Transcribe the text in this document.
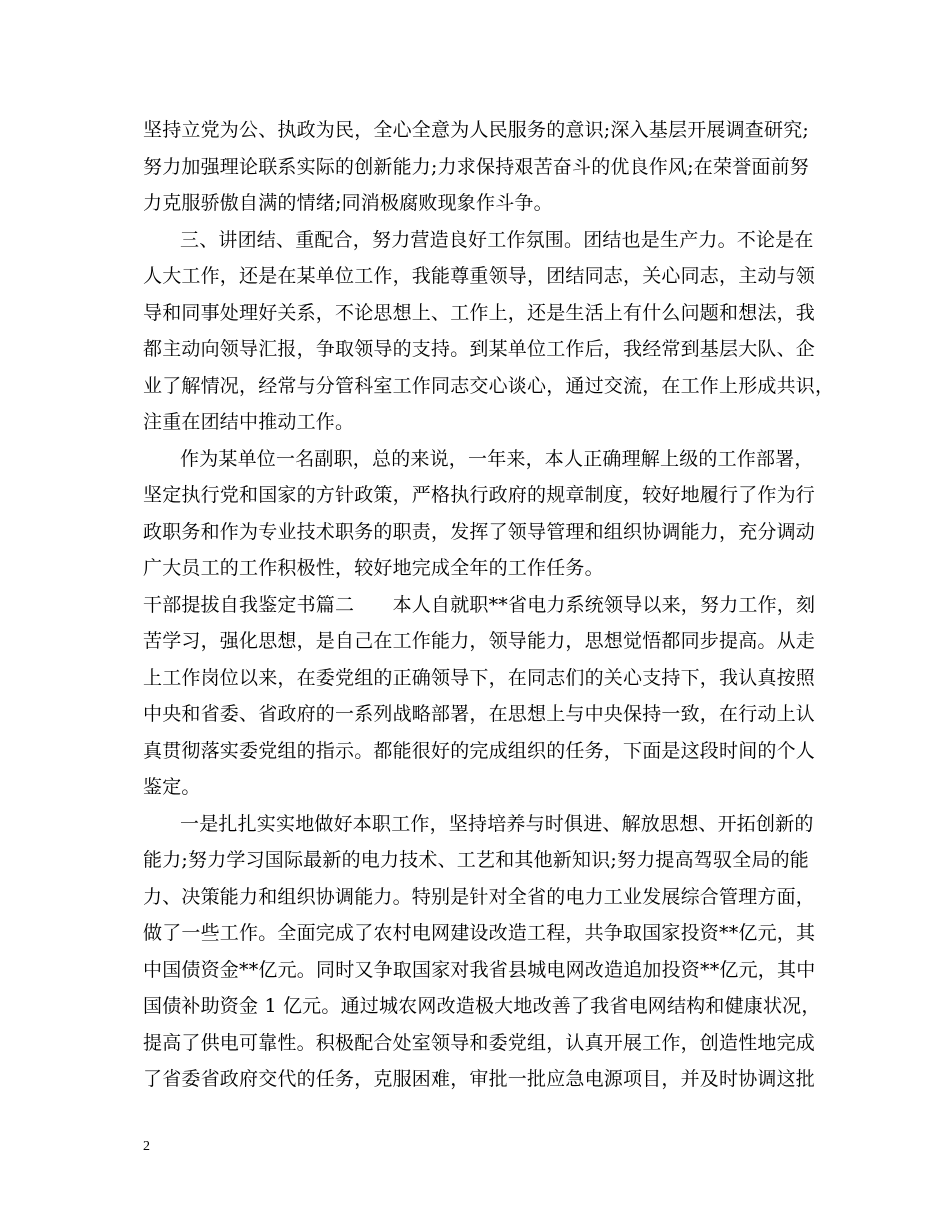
坚持立党为公、执政为民，全心全意为人民服务的意识;深入基层开展调查研究;
努力加强理论联系实际的创新能力;力求保持艰苦奋斗的优良作风;在荣誉面前努
力克服骄傲自满的情绪;同消极腐败现象作斗争。
三、讲团结、重配合，努力营造良好工作氛围。团结也是生产力。不论是在
人大工作，还是在某单位工作，我能尊重领导，团结同志，关心同志，主动与领
导和同事处理好关系，不论思想上、工作上，还是生活上有什么问题和想法，我
都主动向领导汇报，争取领导的支持。到某单位工作后，我经常到基层大队、企
业了解情况，经常与分管科室工作同志交心谈心，通过交流，在工作上形成共识，
注重在团结中推动工作。
作为某单位一名副职，总的来说，一年来，本人正确理解上级的工作部署，
坚定执行党和国家的方针政策，严格执行政府的规章制度，较好地履行了作为行
政职务和作为专业技术职务的职责，发挥了领导管理和组织协调能力，充分调动
广大员工的工作积极性，较好地完成全年的工作任务。
干部提拔自我鉴定书篇二　　本人自就职**省电力系统领导以来，努力工作，刻
苦学习，强化思想，是自己在工作能力，领导能力，思想觉悟都同步提高。从走
上工作岗位以来，在委党组的正确领导下，在同志们的关心支持下，我认真按照
中央和省委、省政府的一系列战略部署，在思想上与中央保持一致，在行动上认
真贯彻落实委党组的指示。都能很好的完成组织的任务，下面是这段时间的个人
鉴定。
一是扎扎实实地做好本职工作，坚持培养与时俱进、解放思想、开拓创新的
能力;努力学习国际最新的电力技术、工艺和其他新知识;努力提高驾驭全局的能
力、决策能力和组织协调能力。特别是针对全省的电力工业发展综合管理方面，
做了一些工作。全面完成了农村电网建设改造工程，共争取国家投资**亿元，其
中国债资金**亿元。同时又争取国家对我省县城电网改造追加投资**亿元，其中
国债补助资金 1 亿元。通过城农网改造极大地改善了我省电网结构和健康状况，
提高了供电可靠性。积极配合处室领导和委党组，认真开展工作，创造性地完成
了省委省政府交代的任务，克服困难，审批一批应急电源项目，并及时协调这批
2
